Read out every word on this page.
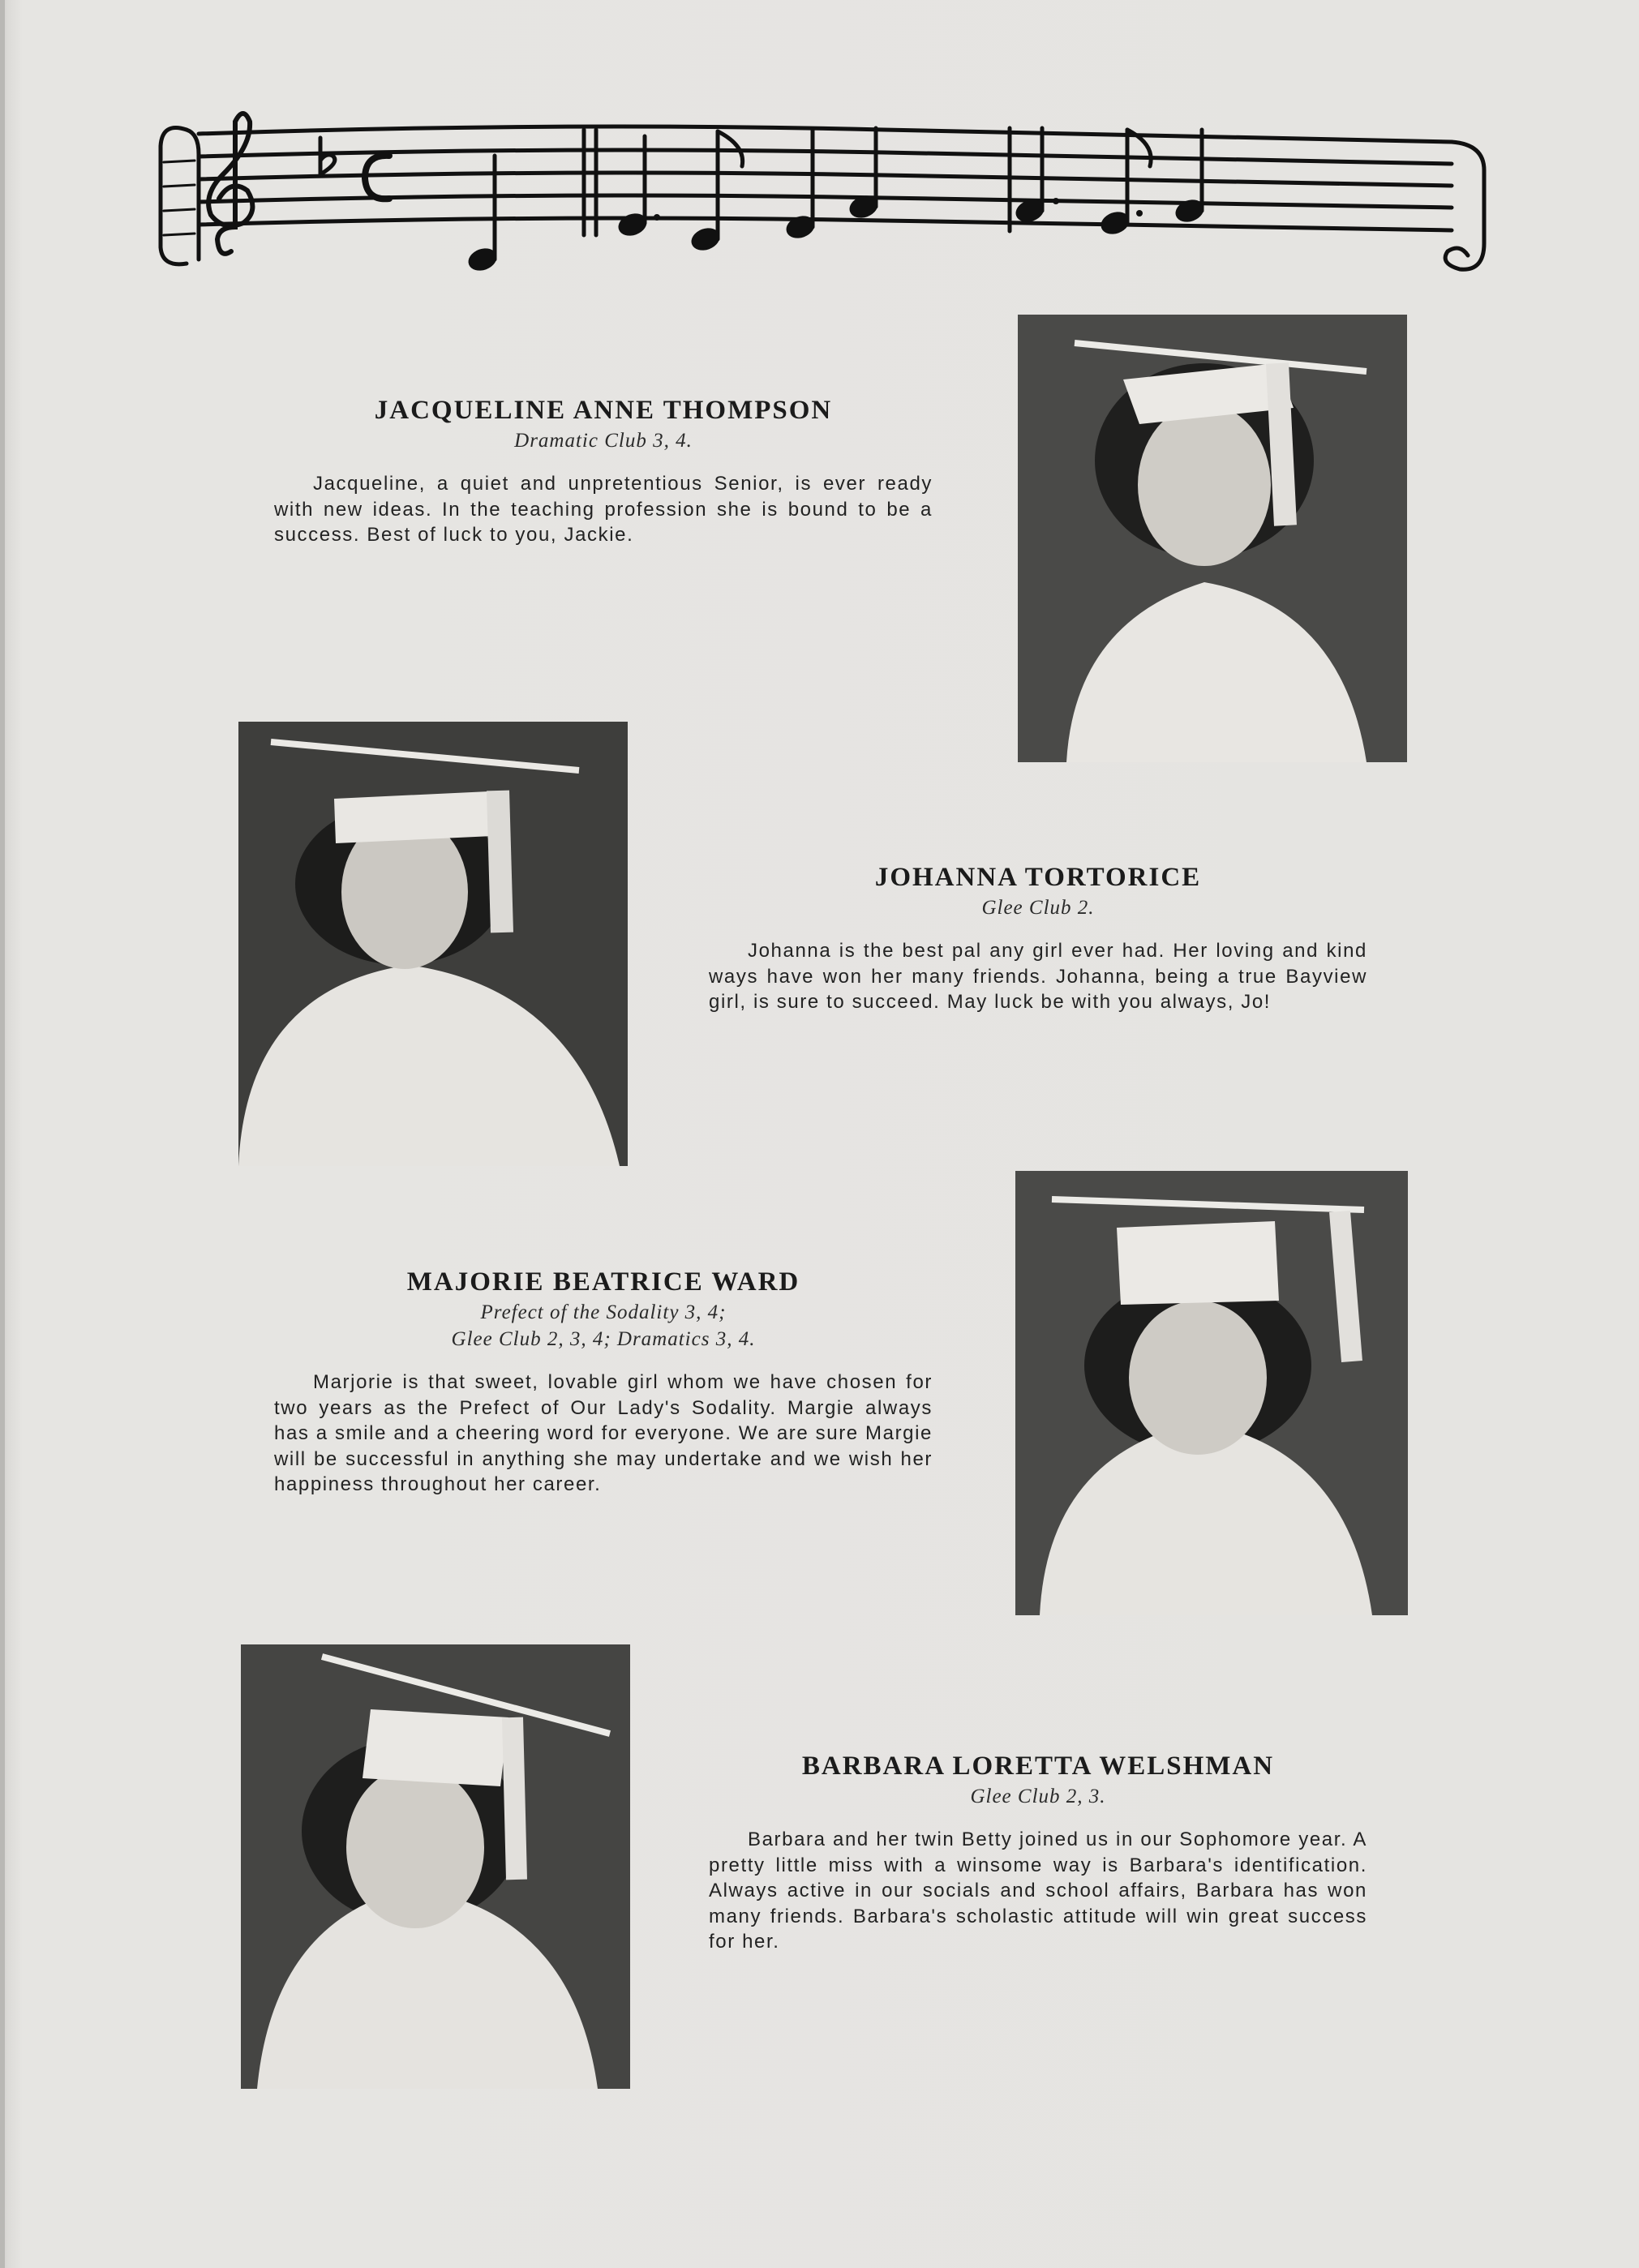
JACQUELINE ANNE THOMPSON
Dramatic Club 3, 4.
Jacqueline, a quiet and unpretentious Senior, is ever ready with new ideas. In the teaching profession she is bound to be a success. Best of luck to you, Jackie.
JOHANNA TORTORICE
Glee Club 2.
Johanna is the best pal any girl ever had. Her loving and kind ways have won her many friends. Johanna, being a true Bayview girl, is sure to succeed. May luck be with you always, Jo!
MAJORIE BEATRICE WARD
Prefect of the Sodality 3, 4;
Glee Club 2, 3, 4; Dramatics 3, 4.
Marjorie is that sweet, lovable girl whom we have chosen for two years as the Prefect of Our Lady's Sodality. Margie always has a smile and a cheering word for everyone. We are sure Margie will be successful in anything she may undertake and we wish her happiness throughout her career.
BARBARA LORETTA WELSHMAN
Glee Club 2, 3.
Barbara and her twin Betty joined us in our Sophomore year. A pretty little miss with a winsome way is Barbara's identification. Always active in our socials and school affairs, Barbara has won many friends. Barbara's scholastic attitude will win great success for her.
